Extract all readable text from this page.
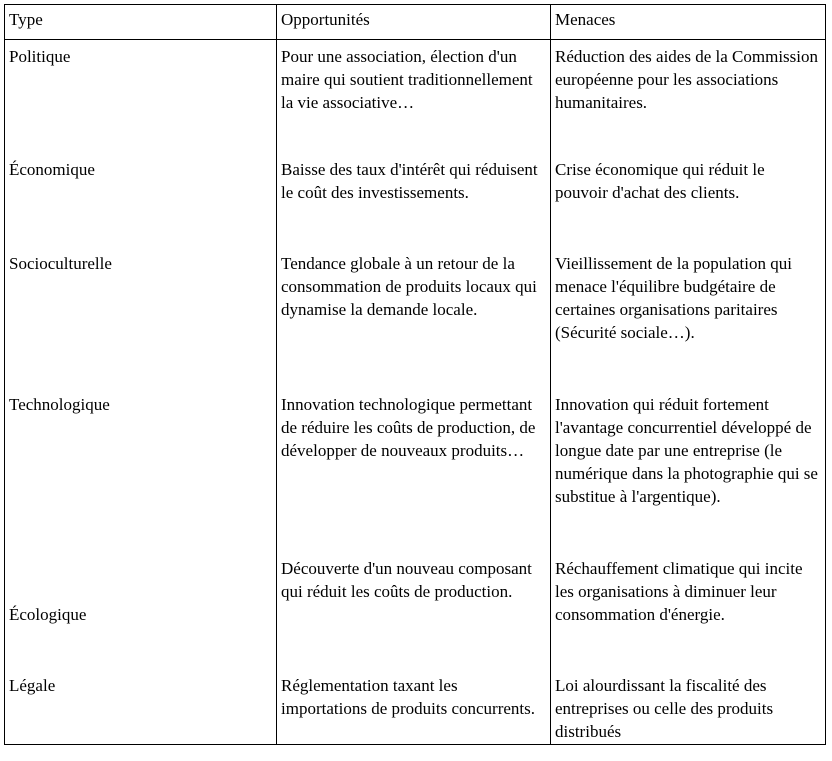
Type	Opportunités	Menaces
Politique	Pour une association, élection d'un maire qui soutient traditionnellement la vie associative…	Réduction des aides de la Commission européenne pour les associations humanitaires.
Économique	Baisse des taux d'intérêt qui réduisent le coût des investissements.	Crise économique qui réduit le pouvoir d'achat des clients.
Socioculturelle	Tendance globale à un retour de la consommation de produits locaux qui dynamise la demande locale.	Vieillissement de la population qui menace l'équilibre budgétaire de certaines organisations paritaires (Sécurité sociale…).
Technologique	Innovation technologique permettant de réduire les coûts de production, de développer de nouveaux produits…	Innovation qui réduit fortement l'avantage concurrentiel développé de longue date par une entreprise (le numérique dans la photographie qui se substitue à l'argentique).
Écologique	Découverte d'un nouveau composant qui réduit les coûts de production.	Réchauffement climatique qui incite les organisations à diminuer leur consommation d'énergie.
Légale	Réglementation taxant les importations de produits concurrents.	Loi alourdissant la fiscalité des entreprises ou celle des produits distribués
